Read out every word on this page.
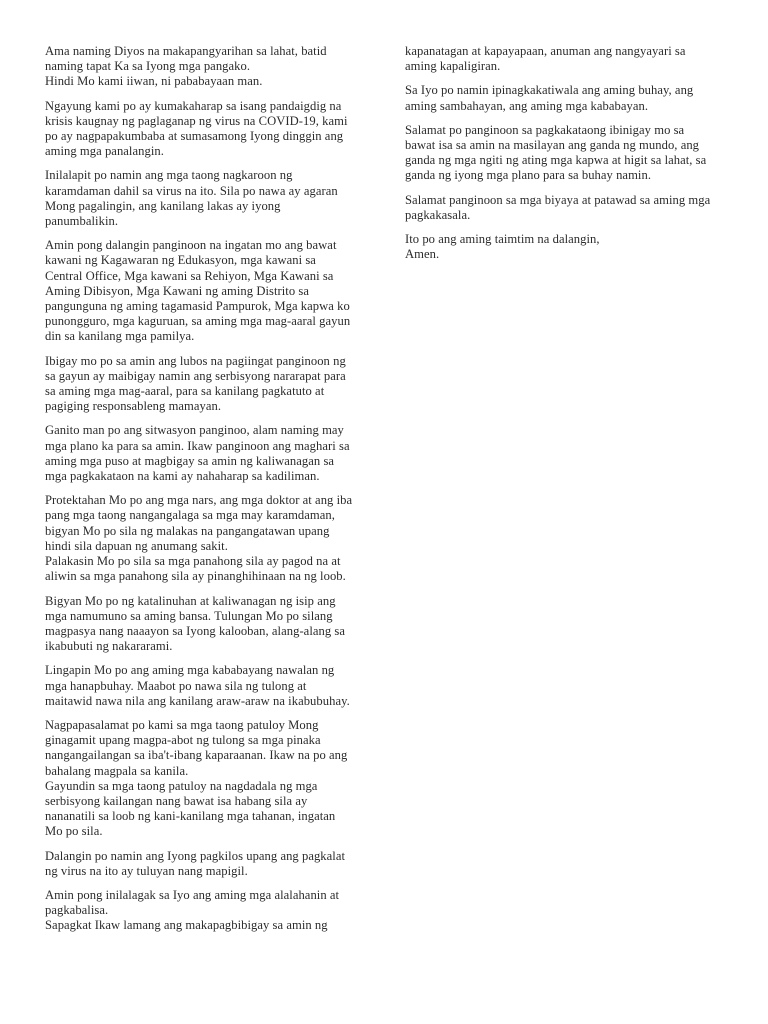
Ama naming Diyos na makapangyarihan sa lahat, batid
naming tapat Ka sa Iyong mga pangako.
Hindi Mo kami iiwan, ni pababayaan man.

Ngayung kami po ay kumakaharap sa isang pandaigdig na
krisis kaugnay ng paglaganap ng virus na COVID-19, kami
po ay nagpapakumbaba at sumasamong Iyong dinggin ang
aming mga panalangin.

Inilalapit po namin ang mga taong nagkaroon ng
karamdaman dahil sa virus na ito. Sila po nawa ay agaran
Mong pagalingin, ang kanilang lakas ay iyong
panumbalikin.

Amin pong dalangin panginoon na ingatan mo ang bawat
kawani ng Kagawaran ng Edukasyon, mga kawani sa
Central Office, Mga kawani sa Rehiyon, Mga Kawani sa
Aming Dibisyon, Mga Kawani ng aming Distrito sa
pangunguna ng aming tagamasid Pampurok, Mga kapwa ko
punongguro, mga kaguruan, sa aming mga mag-aaral gayun
din sa kanilang mga pamilya.

Ibigay mo po sa amin ang lubos na pagiingat panginoon ng
sa gayun ay maibigay namin ang serbisyong nararapat para
sa aming mga mag-aaral, para sa kanilang pagkatuto at
pagiging responsableng mamayan.

Ganito man po ang sitwasyon panginoo, alam naming may
mga plano ka para sa amin. Ikaw panginoon ang maghari sa
aming mga puso at magbigay sa amin ng kaliwanagan sa
mga pagkakataon na kami ay nahaharap sa kadiliman.

Protektahan Mo po ang mga nars, ang mga doktor at ang iba
pang mga taong nangangalaga sa mga may karamdaman,
bigyan Mo po sila ng malakas na pangangatawan upang
hindi sila dapuan ng anumang sakit.
Palakasin Mo po sila sa mga panahong sila ay pagod na at
aliwin sa mga panahong sila ay pinanghihinaan na ng loob.

Bigyan Mo po ng katalinuhan at kaliwanagan ng isip ang
mga namumuno sa aming bansa. Tulungan Mo po silang
magpasya nang naaayon sa Iyong kalooban, alang-alang sa
ikabubuti ng nakararami.

Lingapin Mo po ang aming mga kababayang nawalan ng
mga hanapbuhay. Maabot po nawa sila ng tulong at
maitawid nawa nila ang kanilang araw-araw na ikabubuhay.

Nagpapasalamat po kami sa mga taong patuloy Mong
ginagamit upang magpa-abot ng tulong sa mga pinaka
nangangailangan sa iba't-ibang kaparaanan. Ikaw na po ang
bahalang magpala sa kanila.
Gayundin sa mga taong patuloy na nagdadala ng mga
serbisyong kailangan nang bawat isa habang sila ay
nananatili sa loob ng kani-kanilang mga tahanan, ingatan
Mo po sila.

Dalangin po namin ang Iyong pagkilos upang ang pagkalat
ng virus na ito ay tuluyan nang mapigil.

Amin pong inilalagak sa Iyo ang aming mga alalahanin at
pagkabalisa.
Sapagkat Ikaw lamang ang makapagbibigay sa amin ng

kapanatagan at kapayapaan, anuman ang nangyayari sa
aming kapaligiran.

Sa Iyo po namin ipinagkakatiwala ang aming buhay, ang
aming sambahayan, ang aming mga kababayan.

Salamat po panginoon sa pagkakataong ibinigay mo sa
bawat isa sa amin na masilayan ang ganda ng mundo, ang
ganda ng mga ngiti ng ating mga kapwa at higit sa lahat, sa
ganda ng iyong mga plano para sa buhay namin.

Salamat panginoon sa mga biyaya at patawad sa aming mga
pagkakasala.

Ito po ang aming taimtim na dalangin,
Amen.
